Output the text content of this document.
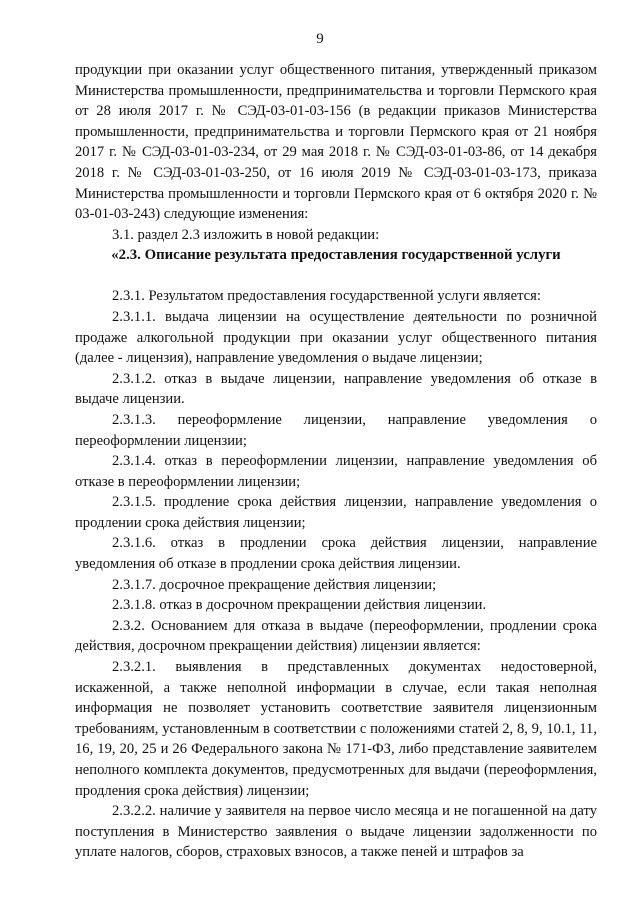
9

продукции при оказании услуг общественного питания, утвержденный приказом Министерства промышленности, предпринимательства и торговли Пермского края от 28 июля 2017 г. № СЭД-03-01-03-156 (в редакции приказов Министерства промышленности, предпринимательства и торговли Пермского края от 21 ноября 2017 г. № СЭД-03-01-03-234, от 29 мая 2018 г. № СЭД-03-01-03-86, от 14 декабря 2018 г. № СЭД-03-01-03-250, от 16 июля 2019 № СЭД-03-01-03-173, приказа Министерства промышленности и торговли Пермского края от 6 октября 2020 г. № 03-01-03-243) следующие изменения:

3.1. раздел 2.3 изложить в новой редакции:

«2.3. Описание результата предоставления государственной услуги

2.3.1. Результатом предоставления государственной услуги является:

2.3.1.1. выдача лицензии на осуществление деятельности по розничной продаже алкогольной продукции при оказании услуг общественного питания (далее - лицензия), направление уведомления о выдаче лицензии;

2.3.1.2. отказ в выдаче лицензии, направление уведомления об отказе в выдаче лицензии.

2.3.1.3. переоформление лицензии, направление уведомления о переоформлении лицензии;

2.3.1.4. отказ в переоформлении лицензии, направление уведомления об отказе в переоформлении лицензии;

2.3.1.5. продление срока действия лицензии, направление уведомления о продлении срока действия лицензии;

2.3.1.6. отказ в продлении срока действия лицензии, направление уведомления об отказе в продлении срока действия лицензии.

2.3.1.7. досрочное прекращение действия лицензии;

2.3.1.8. отказ в досрочном прекращении действия лицензии.

2.3.2. Основанием для отказа в выдаче (переоформлении, продлении срока действия, досрочном прекращении действия) лицензии является:

2.3.2.1. выявления в представленных документах недостоверной, искаженной, а также неполной информации в случае, если такая неполная информация не позволяет установить соответствие заявителя лицензионным требованиям, установленным в соответствии с положениями статей 2, 8, 9, 10.1, 11, 16, 19, 20, 25 и 26 Федерального закона № 171-ФЗ, либо представление заявителем неполного комплекта документов, предусмотренных для выдачи (переоформления, продления срока действия) лицензии;

2.3.2.2. наличие у заявителя на первое число месяца и не погашенной на дату поступления в Министерство заявления о выдаче лицензии задолженности по уплате налогов, сборов, страховых взносов, а также пеней и штрафов за
